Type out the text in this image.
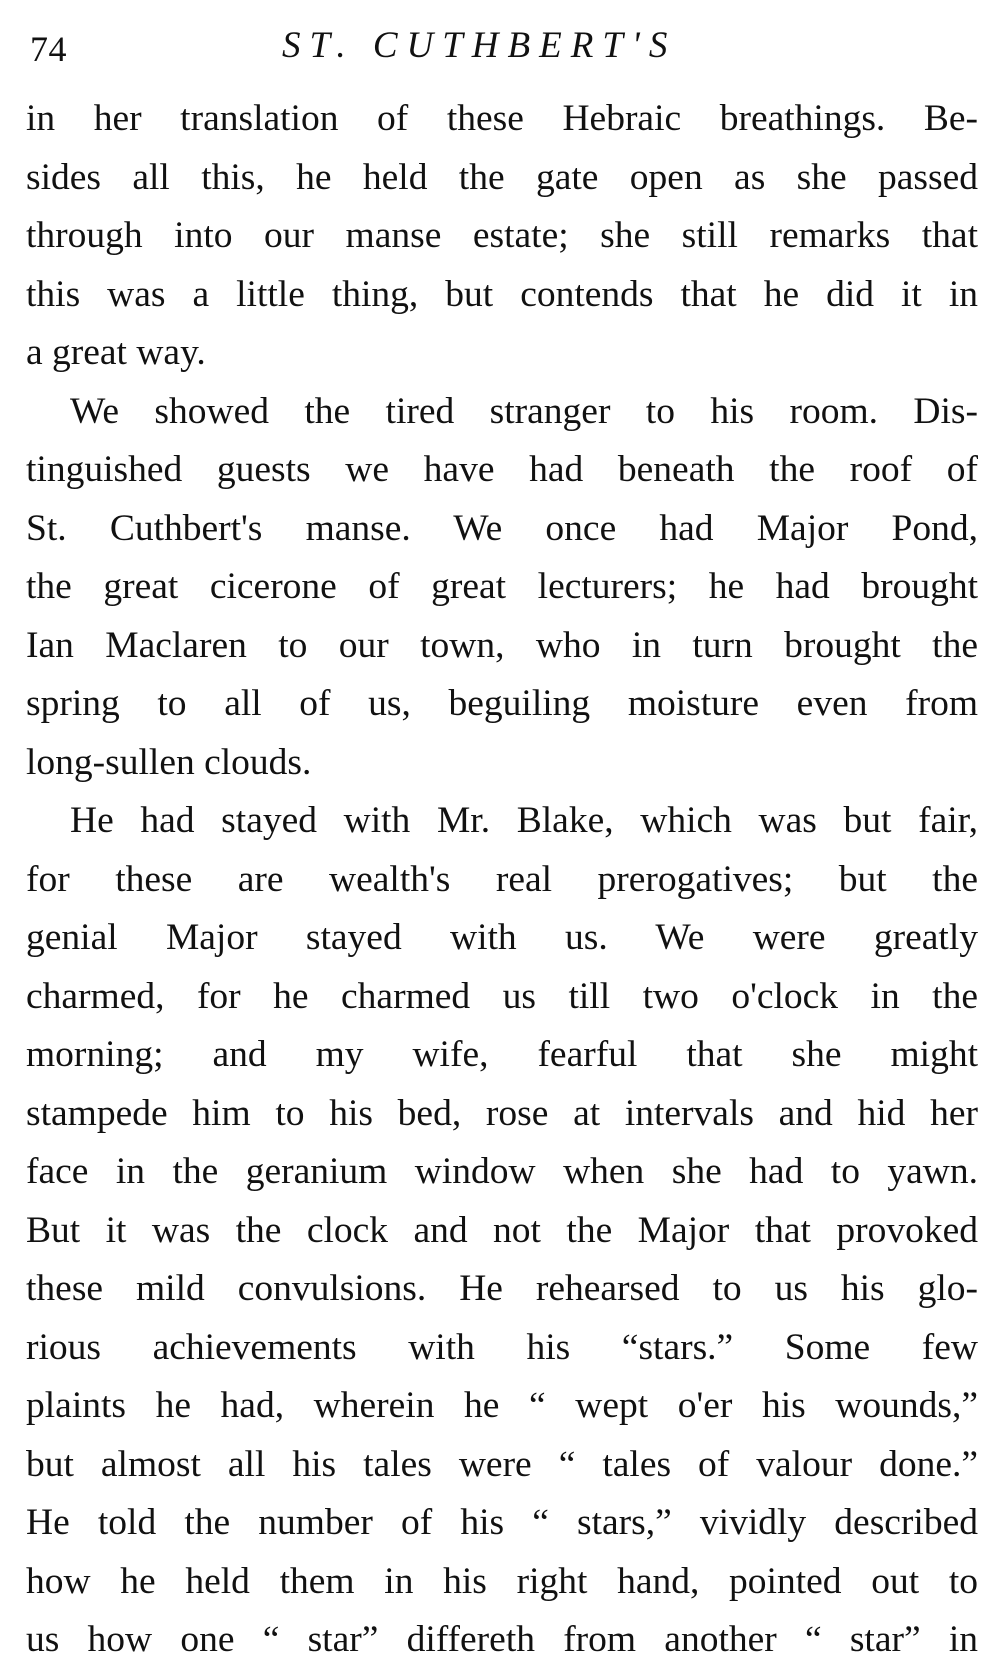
74	ST. CUTHBERT'S
in her translation of these Hebraic breathings. Be-
sides all this, he held the gate open as she passed
through into our manse estate; she still remarks that
this was a little thing, but contends that he did it in
a great way.
We showed the tired stranger to his room. Dis-
tinguished guests we have had beneath the roof of
St. Cuthbert's manse. We once had Major Pond,
the great cicerone of great lecturers; he had brought
Ian Maclaren to our town, who in turn brought the
spring to all of us, beguiling moisture even from
long-sullen clouds.
He had stayed with Mr. Blake, which was but fair,
for these are wealth's real prerogatives; but the
genial Major stayed with us. We were greatly
charmed, for he charmed us till two o'clock in the
morning; and my wife, fearful that she might
stampede him to his bed, rose at intervals and hid her
face in the geranium window when she had to yawn.
But it was the clock and not the Major that provoked
these mild convulsions. He rehearsed to us his glo-
rious achievements with his “stars.” Some few
plaints he had, wherein he “ wept o'er his wounds,”
but almost all his tales were “ tales of valour done.”
He told the number of his “ stars,” vividly described
how he held them in his right hand, pointed out to
us how one “ star” differeth from another “ star” in
